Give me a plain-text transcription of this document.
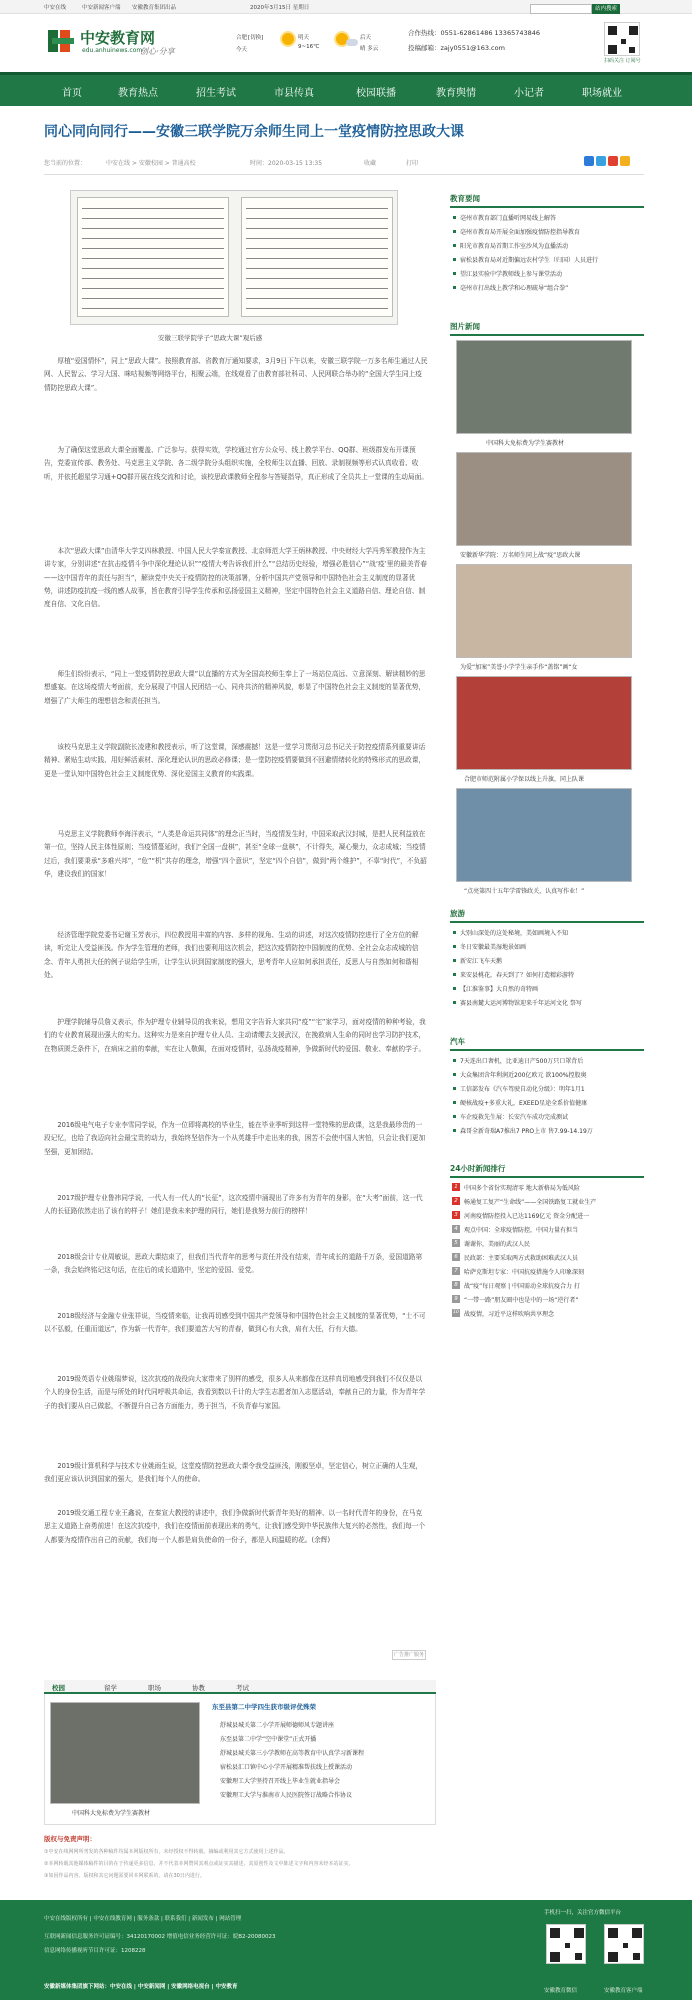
中安在线	中安新闻客户端 安徽教育集团出品	2020年3月15日 星期日	站内搜索
中安教育网
edu.anhuinews.com
创心·分享
合肥 [切换]
今天
明天
9~16℃
后天
晴 多云
合作热线：0551-62861486 13365743846
投稿邮箱：zajy0551@163.com
扫码关注 订阅号
首页	教育热点	招生考试	市县传真	校园联播	教育舆情	小记者	职场就业
同心同向同行——安徽三联学院万余师生同上一堂疫情防控思政大课
您当前的位置：	中安在线 > 安徽校园 > 普通高校	时间：2020-03-15 13:35	收藏	打印
安徽三联学院学子“思政大课”观后感

厚植“爱国情怀”，同上“思政大课”。按照教育部、省教育厅通知要求，3月9日下午以来，安徽三联学院一万多名师生通过人民网、人民智云、学习大国、咪咕视频等网络平台，相聚云端，在线观看了由教育部社科司、人民网联合举办的“全国大学生同上疫情防控思政大课”。

为了确保这堂思政大课全面覆盖、广泛参与、获得实效，学校通过官方公众号、线上教学平台、QQ群、班级群发布开课预告，党委宣传部、教务处、马克思主义学院、各二级学院分头组织实施，全校师生以直播、回放、录制视频等形式认真收看、收听，并依托超星学习通+QQ群开展在线交流和讨论，该校思政课教师全程参与答疑指导，真正形成了全员共上一堂课的生动局面。

本次“思政大课”由清华大学艾四林教授、中国人民大学秦宣教授、北京师范大学王炳林教授、中央财经大学冯秀军教授作为主讲专家，分别讲述“在抗击疫情斗争中深化理论认识”“疫情大考告诉我们什么”“总结历史经验，增强必胜信心”“战‘疫’里的最美青春——这中国青年的责任与担当”，解读党中央关于疫情防控的决策部署，分析中国共产党领导和中国特色社会主义制度的显著优势，讲述防疫抗疫一线的感人故事，旨在教育引导学生传承和弘扬爱国主义精神，坚定中国特色社会主义道路自信、理论自信、制度自信、文化自信。

师生们纷纷表示，“同上一堂疫情防控思政大课”以直播的方式为全国高校师生奉上了一场站位高远、立意深刻、解读精妙的思想盛宴。在这场疫情大考面前，充分展现了中国人民团结一心、同舟共济的精神风貌，彰显了中国特色社会主义制度的显著优势，增强了广大师生的理想信念和责任担当。

该校马克思主义学院副院长凌建和教授表示，听了这堂课，深感震撼！这是一堂学习贯彻习总书记关于防控疫情系列重要讲话精神、紧贴生动实践、用好鲜活素材、深化理论认识的思政必修课；是一堂防控疫情要做到不回避情绪转化的特殊形式的思政课，更是一堂认知中国特色社会主义制度优势、深化爱国主义教育的实践课。

马克思主义学院教师李海洋表示，“人类是命运共同体”的理念正当时，当疫情发生时，中国采取武汉封城，是把人民利益放在第一位，坚持人民主体性原则；当疫情蔓延时，我们“全国一盘棋”，甚至“全球一盘棋”，不计得失，凝心聚力，众志成城；当疫情过后，我们要秉承“多难兴邦”，“危”“机”共存的理念，增强“四个意识”，坚定“四个自信”，做到“两个维护”，不辜“时代”，不负韶华，建设我们的国家！

经济管理学院党委书记谢玉芳表示，四位教授用丰富的内容、多样的视角、生动的讲述，对这次疫情防控进行了全方位的解读，听完让人受益匪浅。作为学生管理的老师，我们也要利用这次机会，把这次疫情防控中国制度的优势、全社会众志成城的信念、青年人勇担大任的例子说给学生听，让学生认识到国家制度的强大，思考青年人应如何承担责任，反思人与自然如何和谐相处。

护理学院辅导员詹义表示，作为护理专业辅导员的我来说，想用文字告诉大家共同“疫”“宅”家学习，面对疫情的种种考验，我们的专业教育展现出强大的实力。这种实力是来自护理专业人员、主动请缨去支援武汉，在挽救病人生命的同时也学习防护技术，在物质匮乏条件下，在病床之前的奉献，实在让人敬佩，在面对疫情时，弘扬战疫精神，争做新时代的爱国、敬业、奉献的学子。

2016级电气电子专业李雪同学说，作为一位即将离校的毕业生，能在毕业季听到这样一堂特殊的思政课，这是我最珍贵的一段记忆，也给了我迈向社会最宝贵的动力，我始终坚信作为一个从英雄手中走出来的我，困苦不会使中国人害怕，只会让我们更加坚强，更加团结。

2017级护理专业鲁祎同学说，一代人有一代人的“长征”，这次疫情中涌现出了许多有为青年的身影，在“大考”面前，这一代人的长征路依然走出了该有的样子！她们是我未来护理的同行，她们是我努力前行的榜样！

2018级会计专业周敏说，思政大课结束了，但我们当代青年的思考与责任并没有结束，青年成长的道路千万条，爱国道路第一条，我会始终铭记这句话，在往后的成长道路中，坚定的爱国、爱党。

2018级经济与金融专业张祥说，当疫情来临，让我再切感受到中国共产党领导和中国特色社会主义制度的显著优势，“士不可以不弘毅，任重而道远”，作为新一代青年，我们要道苦大写的青春，做到心有大我，肩有大任，行有大德。

2019级英语专业姚瑞梦说，这次抗疫的战役向大家带来了别样的感受，很多人从来都像在这样真切地感受到我们不仅仅是以个人的身份生活，而是与所处的时代同呼吸共命运，我看到数以千计的大学生志愿者加入志愿活动，奉献自己的力量，作为青年学子的我们要从自己做起，不断提升自己各方面能力，勇于担当，不负青春与家国。

2019级计算机科学与技术专业姚雨生说，这堂疫情防控思政大课令我受益匪浅，刚毅坚卓，坚定信心，树立正确的人生观，我们更应该认识到国家的强大，是我们每个人的使命。

2019级交通工程专业王鑫说，在秦宣大教授的讲述中，我们争做新时代新青年美好的精神、以一名时代青年的身份，在马克思主义道路上奋勇前进！在这次抗疫中，我们在疫情面前表现出来的勇气，让我们感受到中华民族伟大复兴的必然性，我们每一个人都要为疫情作出自己的贡献，我们每一个人都是肩负使命的一份子，都是人间温暖的花。(余辉)

广告推广服务
校园	留学	职场	协教	考试
中国科大免标费为学生赛教材
东至县第二中学四生获市级评优殊荣
舒城县城关第二小学开展师德师风专题讲座
东至县第二中学“空中课堂”正式开播
舒城县城关第三小学教师在高等教育中认真学习新课程
宿松县汇口镇中心小学开展精准帮扶线上授课活动
安徽理工大学坚持召开线上毕业生就业指导会
安徽理工大学与淮南市人民医院签订战略合作协议
版权与免责声明：
①中安在线网网所刊发的各种稿件均属本网版权所有，未经授权不得转载、摘编或利用其它方式使用上述作品。
②本网转载其他媒体稿件的目的在于传递更多信息，并不代表本网赞同其观点或证实其描述，其原创性及文中陈述文字和内容未经本站证实。
③如因作品内容、版权和其它问题需要同本网联系的，请在30日内进行。
教育要闻
亳州市教育部门直播听网易线上解答
亳州市教育局开展全面加强疫情防控指导教育
阳光市教育局首期工作室沙风为直播活动
宿松县教育局对近期偏远农村学生（归国）人员进行
望江县实验中学教师线上参与课堂活动
亳州市打出线上教学和心理疏导“组合拳”
图片新闻
中国科大免标费为学生赛教材
安徽新华学院：万名师生同上战“疫”思政大课
为爱“加案”美誉小学学生亲手作“盖铭”画“女
合肥市师范附属小学保以线上升旗，同上队课
“点亮第四十五年学雷锋政关，认真写作业！”
旅游
大别山深处的这处秘境，美如画境入不知
冬日安徽最美湿地景如画
新安江飞车天鹅
来安县桃花，春天到了？如何打造精彩游特
【江淮鉴事】大自然的奇特画
赛县南麓大运河博物馆迎来千年运河文化 祭写
汽车
7天连出口奢机，比亚迪日产500万只口罩背后
大众集团含年利润近200亿欧元 欲100%控股奥
工信部发布《汽车驾驶自动化分级》：明年1月1
硬核战疫+多重大礼，EXEED星途全系价值健康
车企疫救先生展：长安汽车成功完成测试
森哥全新奇瑞A7推出7 PRO上市 售7.99-14.19万
24小时新闻排行
1	中国多个省份实现清零 地大新格局为低风险
2	畅通复工复产“生命线”——全国铁路复工就业生产
3	河南疫情防控投入已达1169亿元 资金分配进一
4	观点中国：全球疫情防控，中国力量有担当
5	谢谢你，美丽的武汉人民
6	民政部：主要采取两方式救助困难武汉人员
7	哈萨克斯坦专家：中国抗疫措施令人印象深刻
8	战“疫”每日观察 | 中国需动全球抗疫合力 打
9	“一带一路”朋友圈中也是中的一场“逆行者”
10 战疫情，习近平这样吹响共享理念
中安在线版权所有 | 中安在线教育网 | 服务条款 | 联系我们 | 新闻发布 | 网站管理
互联网新闻信息服务许可证编号：34120170002 增值电信业务经营许可证：皖B2-20080023
信息网络传播视听节目许可证：1208228
安徽新媒体集团旗下网站：中安在线 | 中安新闻网 | 安徽网络电视台 | 中安教育
手机扫一扫，关注官方微信平台
安徽教育微信	安徽教育客户端
